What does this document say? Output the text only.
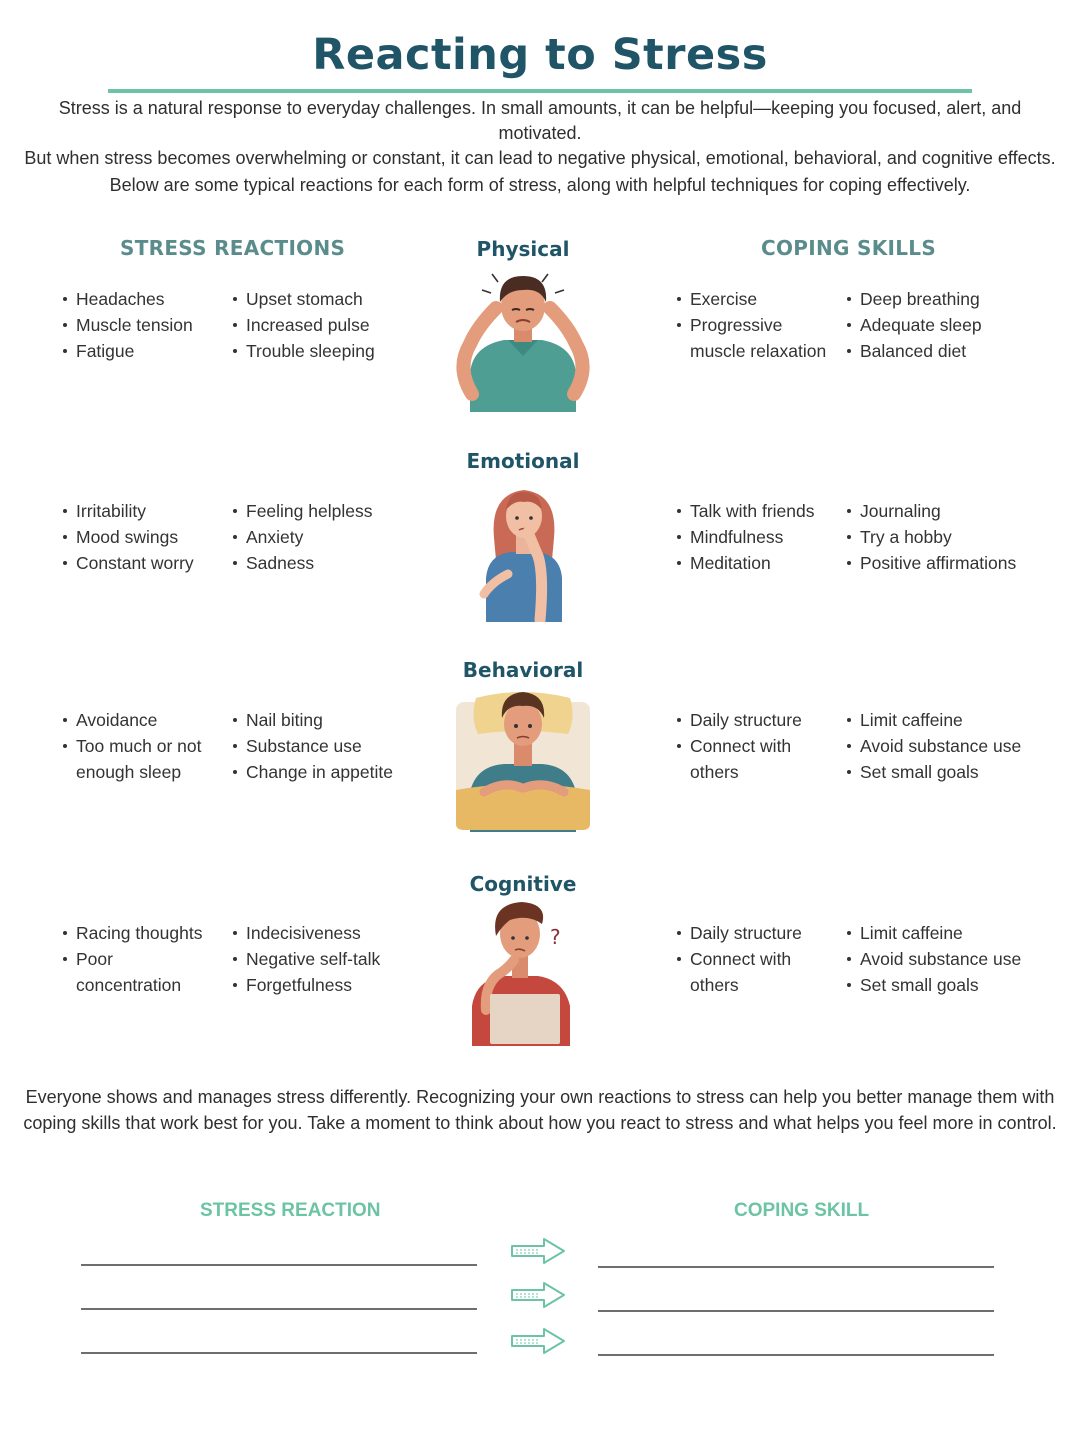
Reacting to Stress
Stress is a natural response to everyday challenges. In small amounts, it can be helpful—keeping you focused, alert, and motivated.
But when stress becomes overwhelming or constant, it can lead to negative physical, emotional, behavioral, and cognitive effects.
Below are some typical reactions for each form of stress, along with helpful techniques for coping effectively.
STRESS REACTIONS	COPING SKILLS
Physical
Headaches
Muscle tension
Fatigue
Upset stomach
Increased pulse
Trouble sleeping
Exercise
Progressive
muscle relaxation
Deep breathing
Adequate sleep
Balanced diet
Emotional
Irritability
Mood swings
Constant worry
Feeling helpless
Anxiety
Sadness
Talk with friends
Mindfulness
Meditation
Journaling
Try a hobby
Positive affirmations
Behavioral
Avoidance
Too much or not
enough sleep
Nail biting
Substance use
Change in appetite
Daily structure
Connect with
others
Limit caffeine
Avoid substance use
Set small goals
Cognitive
Racing thoughts
Poor
concentration
Indecisiveness
Negative self-talk
Forgetfulness
Daily structure
Connect with
others
Limit caffeine
Avoid substance use
Set small goals
?
Everyone shows and manages stress differently. Recognizing your own reactions to stress can help you better manage them with
coping skills that work best for you. Take a moment to think about how you react to stress and what helps you feel more in control.
STRESS REACTION	COPING SKILL
